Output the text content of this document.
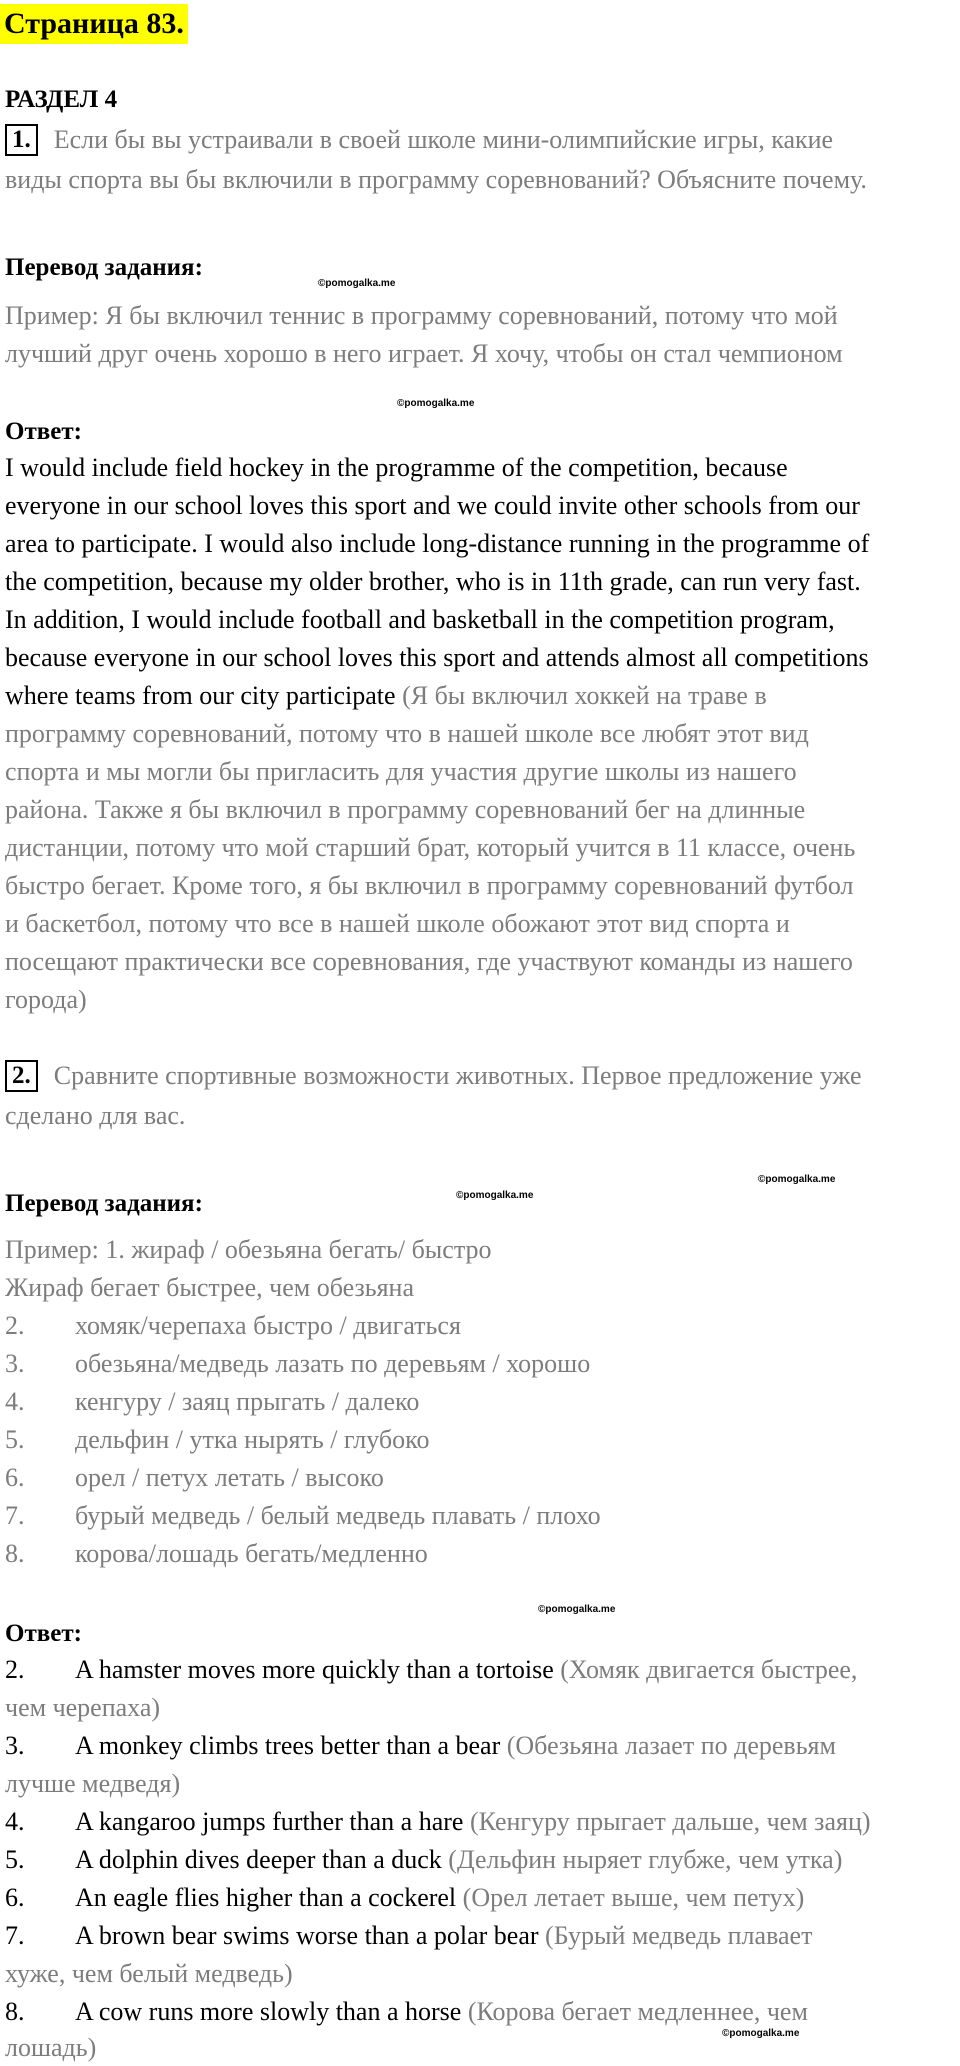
Страница 83.
РАЗДЕЛ 4
1. Если бы вы устраивали в своей школе мини-олимпийские игры, какие
виды спорта вы бы включили в программу соревнований? Объясните почему.
Перевод задания:
©pomogalka.me
Пример: Я бы включил теннис в программу соревнований, потому что мой
лучший друг очень хорошо в него играет. Я хочу, чтобы он стал чемпионом
©pomogalka.me
Ответ:
I would include field hockey in the programme of the competition, because
everyone in our school loves this sport and we could invite other schools from our
area to participate. I would also include long-distance running in the programme of
the competition, because my older brother, who is in 11th grade, can run very fast.
In addition, I would include football and basketball in the competition program,
because everyone in our school loves this sport and attends almost all competitions
where teams from our city participate (Я бы включил хоккей на траве в
программу соревнований, потому что в нашей школе все любят этот вид
спорта и мы могли бы пригласить для участия другие школы из нашего
района. Также я бы включил в программу соревнований бег на длинные
дистанции, потому что мой старший брат, который учится в 11 классе, очень
быстро бегает. Кроме того, я бы включил в программу соревнований футбол
и баскетбол, потому что все в нашей школе обожают этот вид спорта и
посещают практически все соревнования, где участвуют команды из нашего
города)
2. Сравните спортивные возможности животных. Первое предложение уже
сделано для вас.
©pomogalka.me
Перевод задания:	©pomogalka.me
Пример: 1. жираф / обезьяна бегать/ быстро
Жираф бегает быстрее, чем обезьяна
2. хомяк/черепаха быстро / двигаться
3. обезьяна/медведь лазать по деревьям / хорошо
4. кенгуру / заяц прыгать / далеко
5. дельфин / утка нырять / глубоко
6. орел / петух летать / высоко
7. бурый медведь / белый медведь плавать / плохо
8. корова/лошадь бегать/медленно
©pomogalka.me
Ответ:
2. A hamster moves more quickly than a tortoise (Хомяк двигается быстрее,
чем черепаха)
3. A monkey climbs trees better than a bear (Обезьяна лазает по деревьям
лучше медведя)
4. A kangaroo jumps further than a hare (Кенгуру прыгает дальше, чем заяц)
5. A dolphin dives deeper than a duck (Дельфин ныряет глубже, чем утка)
6. An eagle flies higher than a cockerel (Орел летает выше, чем петух)
7. A brown bear swims worse than a polar bear (Бурый медведь плавает
хуже, чем белый медведь)
8. A cow runs more slowly than a horse (Корова бегает медленнее, чем
©pomogalka.me
лошадь)
